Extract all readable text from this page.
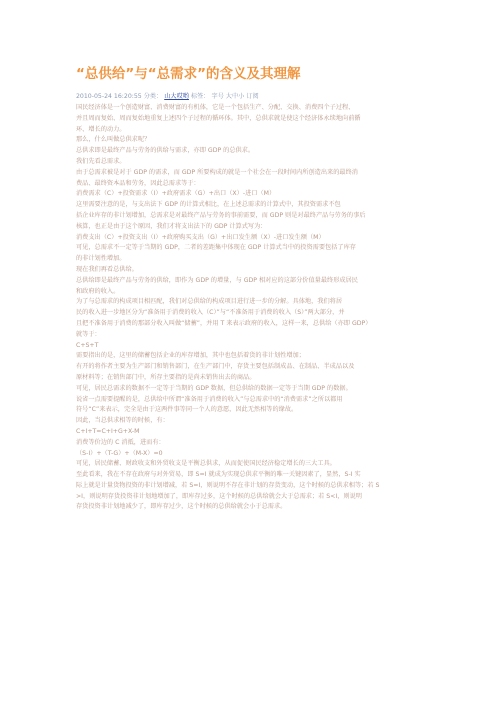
“总供给”与“总需求”的含义及其理解
2010-05-24 16:20:55 分类： 山大哎哟 标签： 字号 大中小 订阅

国民经济体是一个创造财富、消费财富的有机体，它是一个包括生产、分配、交换、消费四个子过程、

并且周而复始、周而复始地重复上述四个子过程的循环体。其中，总供求就是使这个经济体永续地向前循

环、增长的动力。

那么，什么叫做总供求呢？

总供求即是最终产品与劳务的供给与需求，亦即 GDP 的总供求。

我们先看总需求。

由于总需求被是对于 GDP 的需求，而 GDP 所要构成的就是一个社会在一段时间内所创造出来的最终消

费品、最终资本品和劳务，因此总需求等于：

消费需求（C）+投资需求（I）+政府需求（G）+出口（X）-进口（M）

这里需要注意的是，与支出法下 GDP 的计算式相比，在上述总需求的计算式中，其投资需求不包

括企业库存的非计划增加，总需求是对最终产品与劳务的事前需要，而 GDP 则是对最终产品与劳务的事后

核算，也正是由于这个原因，我们才将支出法下的 GDP 计算式写为：

消费支出（C）+投资支出（I）+政府购买支出（G）+出口发生额（X）-进口发生额（M）

可见，总需求不一定等于当期的 GDP，二者的差距集中体现在 GDP 计算式当中的投资需要包括了库存

的非计划性增加。

现在我们再看总供给。

总供给即是最终产品与劳务的供给，即作为 GDP 的增量，与 GDP 相对应的这部分价值量最终形成居民

和政府的收入。

为了与总需求的构成项目相匹配，我们对总供给的构成项目进行进一步的分解。具体地，我们将居

民的收入进一步地区分为“准备用于消费的收入（C）”与“不准备用于消费的收入（S）”两大部分，并

且把不准备用于消费的那部分收入叫做“储蓄”，并用 T 来表示政府的收入，这样一来，总供给（亦即 GDP）

就等于：

C+S+T

需要指出的是，这里的储蓄包括企业的库存增加，其中也包括着货的非计划性增加；

有开的将作者主要为生产部门和销售部门，在生产部门中，存货主要包括制成品、在制品、半成品以及

原材料等；在销售部门中，所存主要指的是尚未销售出去的商品。

可见，居民总需求的数据不一定等于当期的 GDP 数据，但总供给的数据一定等于当期 GDP 的数据。

说省一点需要提醒的是，总供给中所谓“准备用于消费的收入”与总需求中的“消费需求”之所以都用

符号“C”来表示，完全是由于这两件事等同一个人的意愿，因此无然相等的缘故。

因此，当总供求相等的时候，有：

C+I+T=C+I+G+X-M

消费等价边的 C 消抵，进而有：

（S-I）+（T-G）+（M-X）=0

可见，居民储蓄、财政收支和外贸收支是平衡总供求，从而促使国民经济稳定增长的三大工具。

至此看来，我在不存在政府与对外贸易，即 S=I 就成为实现总供求平衡的唯一关键因素了，显然，S-I 实

际上就是计量货物投资的非计划增减，若 S=I，则说明不存在非计划的存货变动，这个时候的总供求相等；若 S

>I，则说明存货投资非计划地增加了，即库存过多，这个时候的总供给就会大于总需求；若 S<I，则说明

存货投资非计划地减少了，即库存过少，这个时候的总供给就会小于总需求。
